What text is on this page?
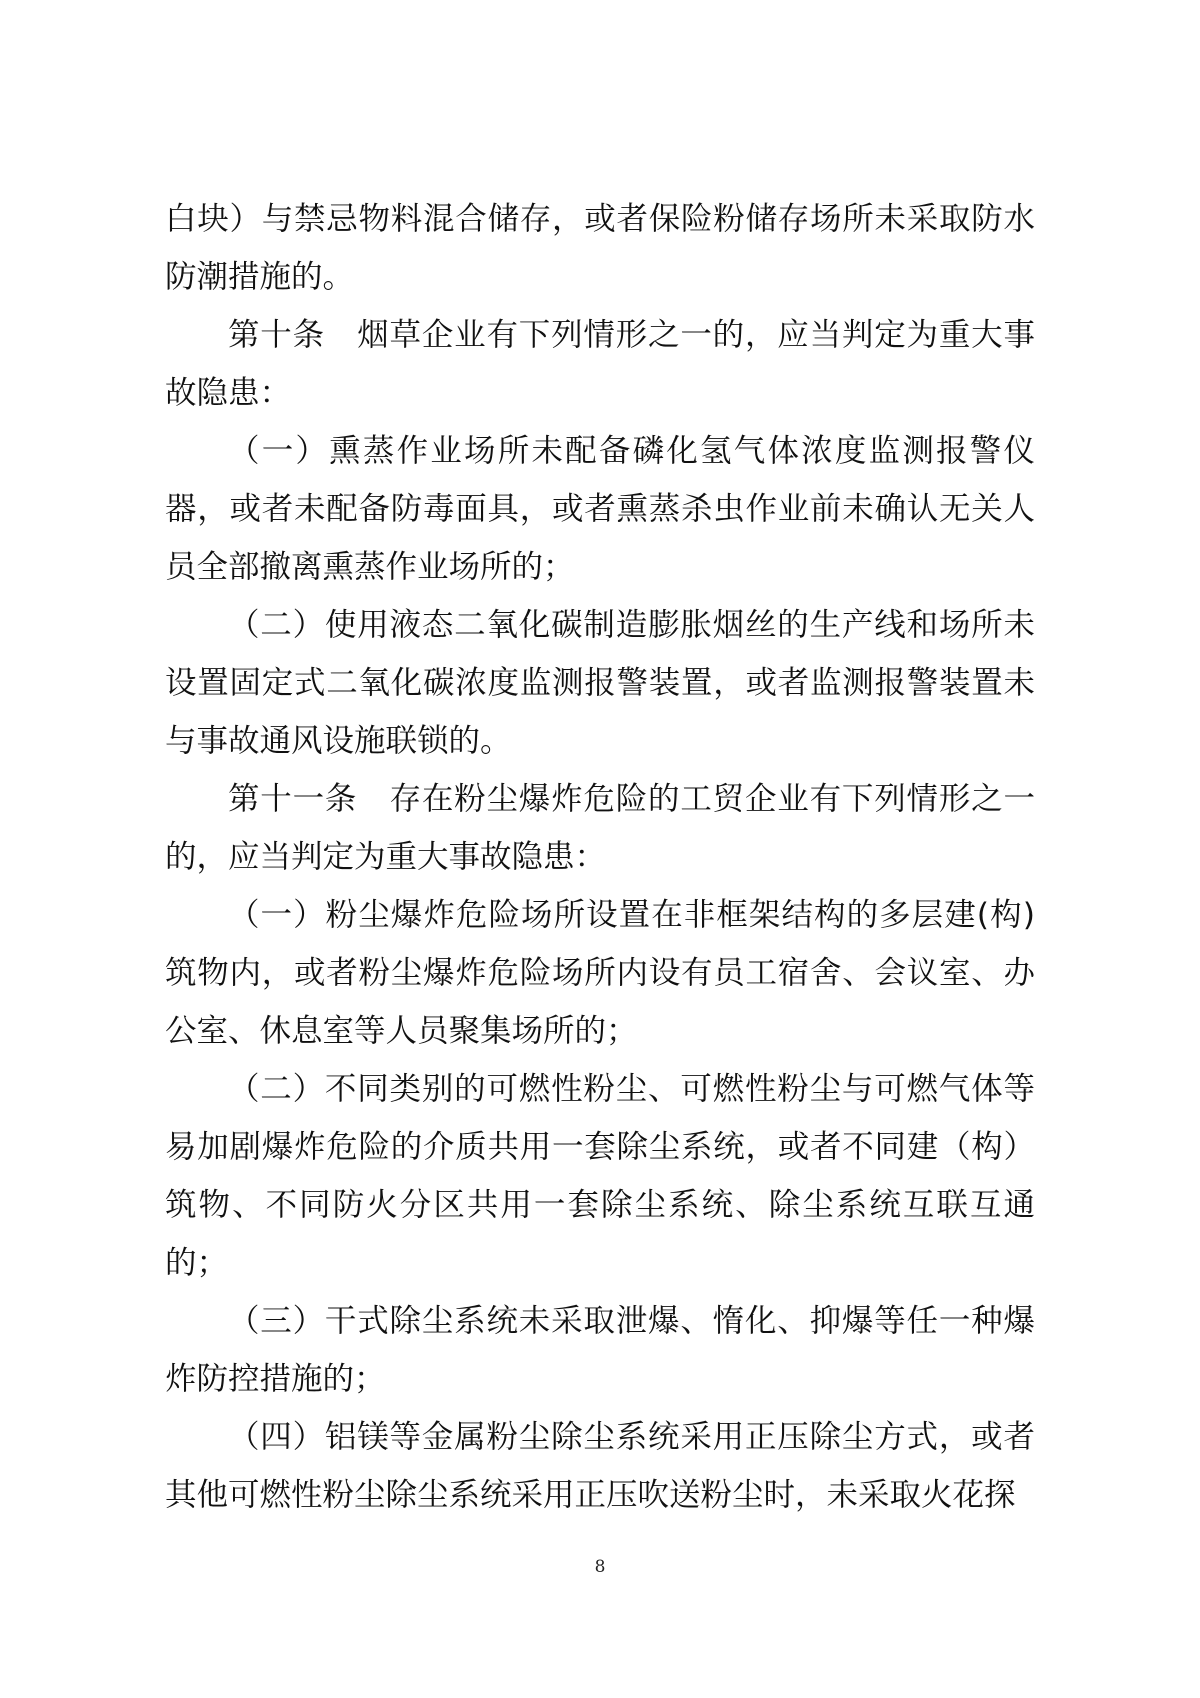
白块）与禁忌物料混合储存，或者保险粉储存场所未采取防水防潮措施的。

第十条　烟草企业有下列情形之一的，应当判定为重大事故隐患：

（一）熏蒸作业场所未配备磷化氢气体浓度监测报警仪器，或者未配备防毒面具，或者熏蒸杀虫作业前未确认无关人员全部撤离熏蒸作业场所的；

（二）使用液态二氧化碳制造膨胀烟丝的生产线和场所未设置固定式二氧化碳浓度监测报警装置，或者监测报警装置未与事故通风设施联锁的。

第十一条　存在粉尘爆炸危险的工贸企业有下列情形之一的，应当判定为重大事故隐患：

（一）粉尘爆炸危险场所设置在非框架结构的多层建(构)筑物内，或者粉尘爆炸危险场所内设有员工宿舍、会议室、办公室、休息室等人员聚集场所的；

（二）不同类别的可燃性粉尘、可燃性粉尘与可燃气体等易加剧爆炸危险的介质共用一套除尘系统，或者不同建（构）筑物、不同防火分区共用一套除尘系统、除尘系统互联互通的；

（三）干式除尘系统未采取泄爆、惰化、抑爆等任一种爆炸防控措施的；

（四）铝镁等金属粉尘除尘系统采用正压除尘方式，或者其他可燃性粉尘除尘系统采用正压吹送粉尘时，未采取火花探

8
